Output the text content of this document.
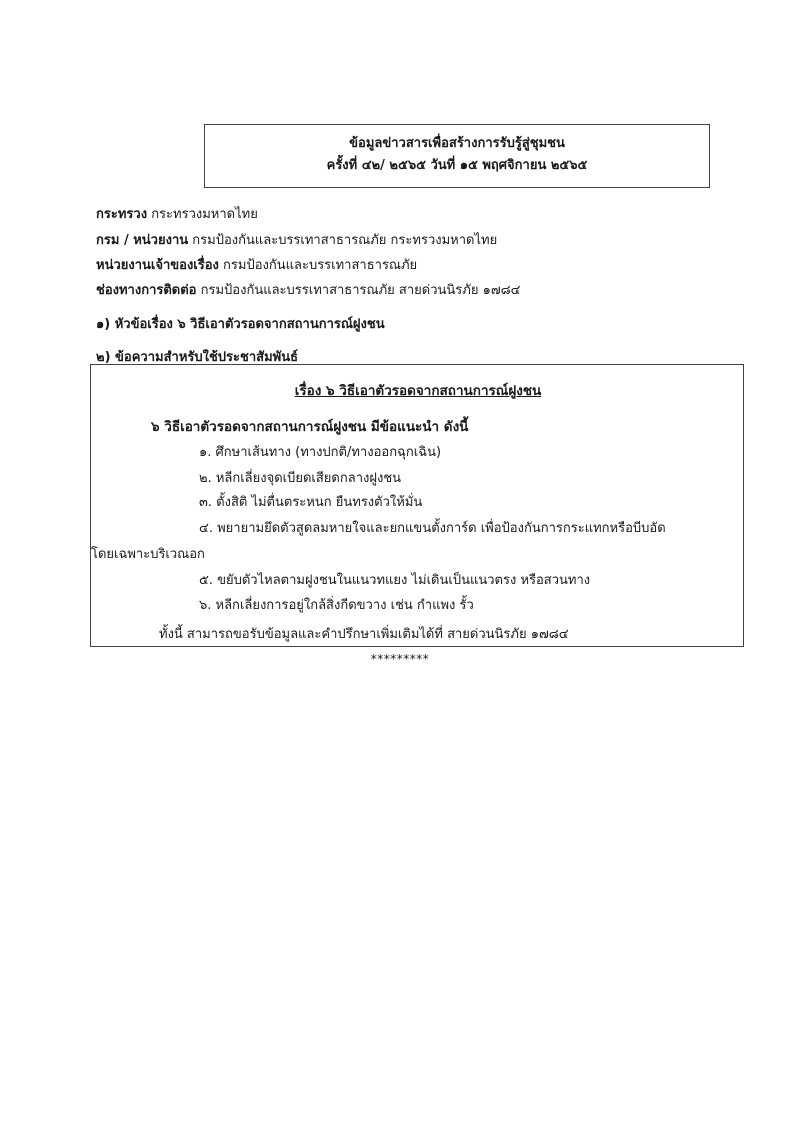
ข้อมูลข่าวสารเพื่อสร้างการรับรู้สู่ชุมชน
ครั้งที่ ๔๒/ ๒๕๖๕ วันที่ ๑๕ พฤศจิกายน ๒๕๖๕
กระทรวง กระทรวงมหาดไทย
กรม / หน่วยงาน กรมป้องกันและบรรเทาสาธารณภัย กระทรวงมหาดไทย
หน่วยงานเจ้าของเรื่อง กรมป้องกันและบรรเทาสาธารณภัย
ช่องทางการติดต่อ กรมป้องกันและบรรเทาสาธารณภัย สายด่วนนิรภัย ๑๗๘๔
๑) หัวข้อเรื่อง ๖ วิธีเอาตัวรอดจากสถานการณ์ฝูงชน
๒) ข้อความสำหรับใช้ประชาสัมพันธ์
เรื่อง ๖ วิธีเอาตัวรอดจากสถานการณ์ฝูงชน
๖ วิธีเอาตัวรอดจากสถานการณ์ฝูงชน มีข้อแนะนำ ดังนี้
๑. ศึกษาเส้นทาง (ทางปกติ/ทางออกฉุกเฉิน)
๒. หลีกเลี่ยงจุดเบียดเสียดกลางฝูงชน
๓. ตั้งสิติ ไม่ตื่นตระหนก ยืนทรงตัวให้มั่น
๔. พยายามยึดตัวสูดลมหายใจและยกแขนตั้งการ์ด เพื่อป้องกันการกระแทกหรือบีบอัด
โดยเฉพาะบริเวณอก
๕. ขยับตัวไหลตามฝูงชนในแนวทแยง ไม่เดินเป็นแนวตรง หรือสวนทาง
๖. หลีกเลี่ยงการอยู่ใกล้สิ่งกีดขวาง เช่น กำแพง รั้ว
ทั้งนี้ สามารถขอรับข้อมูลและคำปรึกษาเพิ่มเติมได้ที่ สายด่วนนิรภัย ๑๗๘๔
*********
